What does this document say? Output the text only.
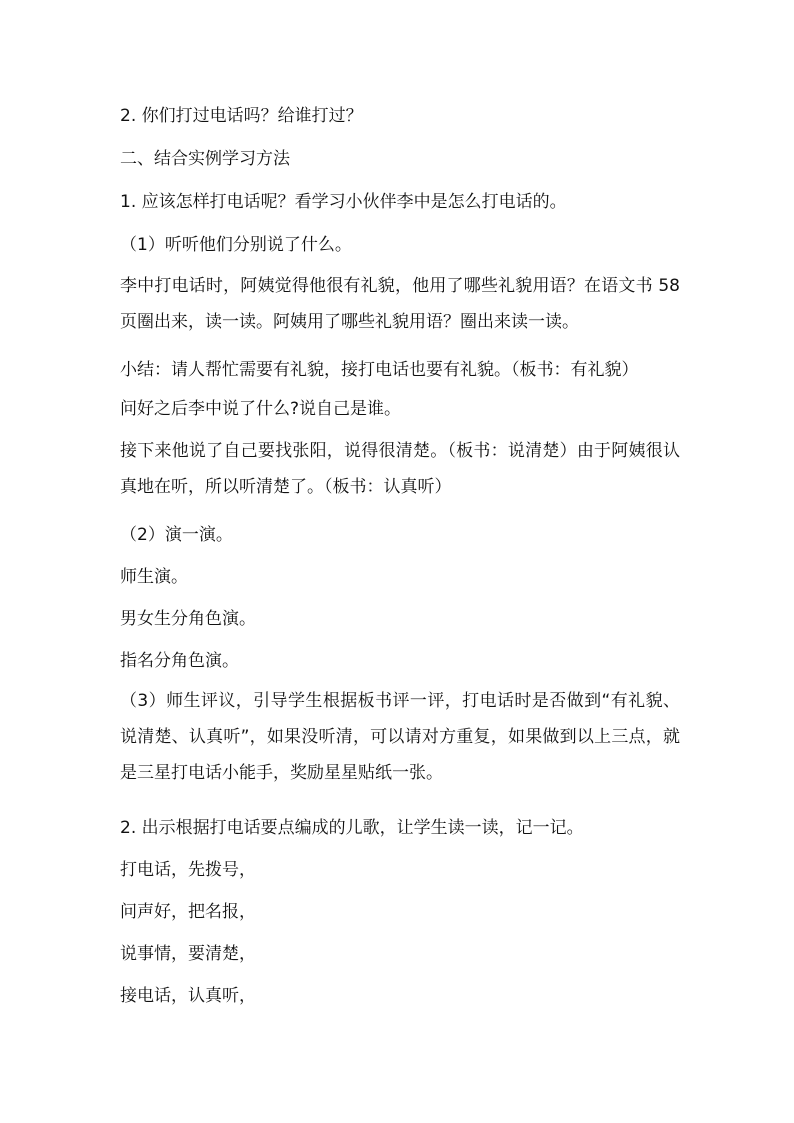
2. 你们打过电话吗？给谁打过？

二、结合实例学习方法

1. 应该怎样打电话呢？看学习小伙伴李中是怎么打电话的。

（1）听听他们分别说了什么。

李中打电话时，阿姨觉得他很有礼貌，他用了哪些礼貌用语？在语文书 58 页圈出来，读一读。阿姨用了哪些礼貌用语？圈出来读一读。

小结：请人帮忙需要有礼貌，接打电话也要有礼貌。（板书：有礼貌）

问好之后李中说了什么?说自己是谁。

接下来他说了自己要找张阳，说得很清楚。（板书：说清楚）由于阿姨很认真地在听，所以听清楚了。（板书：认真听）

（2）演一演。

师生演。

男女生分角色演。

指名分角色演。

（3）师生评议，引导学生根据板书评一评，打电话时是否做到“有礼貌、说清楚、认真听”，如果没听清，可以请对方重复，如果做到以上三点，就是三星打电话小能手，奖励星星贴纸一张。

2. 出示根据打电话要点编成的儿歌，让学生读一读，记一记。

打电话，先拨号，

问声好，把名报，

说事情，要清楚，

接电话，认真听，
